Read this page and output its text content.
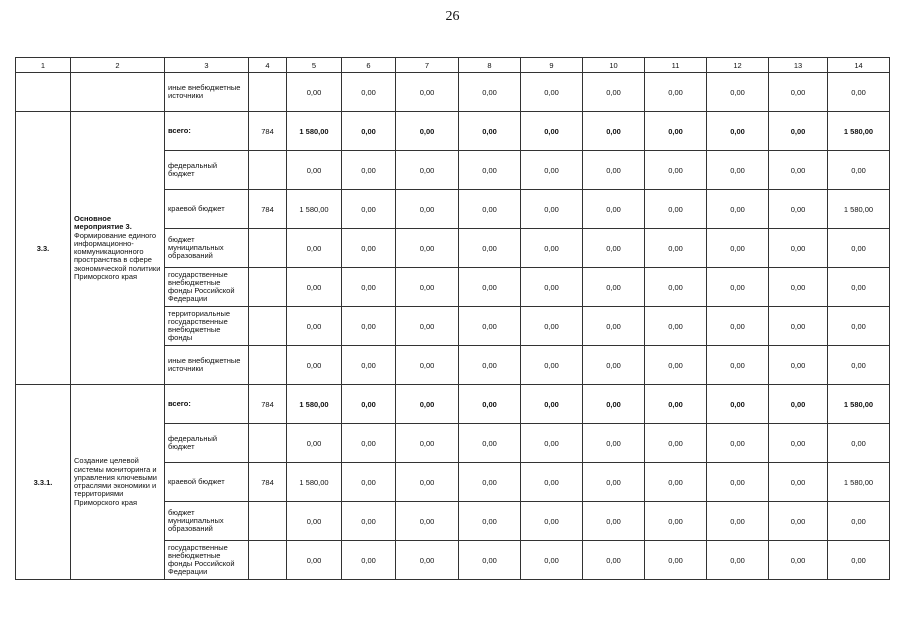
26
1	2	3	4	5	6	7	8	9	10	11	12	13	14
		иные внебюджетные источники		0,00	0,00	0,00	0,00	0,00	0,00	0,00	0,00	0,00	0,00
3.3.	Основное мероприятие 3. Формирование единого информационно-коммуникационного пространства в сфере экономической политики Приморского края	всего:	784	1 580,00	0,00	0,00	0,00	0,00	0,00	0,00	0,00	0,00	1 580,00
		федеральный бюджет		0,00	0,00	0,00	0,00	0,00	0,00	0,00	0,00	0,00	0,00
		краевой бюджет	784	1 580,00	0,00	0,00	0,00	0,00	0,00	0,00	0,00	0,00	1 580,00
		бюджет муниципальных образований		0,00	0,00	0,00	0,00	0,00	0,00	0,00	0,00	0,00	0,00
		государственные внебюджетные фонды Российской Федерации		0,00	0,00	0,00	0,00	0,00	0,00	0,00	0,00	0,00	0,00
		территориальные государственные внебюджетные фонды		0,00	0,00	0,00	0,00	0,00	0,00	0,00	0,00	0,00	0,00
		иные внебюджетные источники		0,00	0,00	0,00	0,00	0,00	0,00	0,00	0,00	0,00	0,00
3.3.1.	Создание целевой системы мониторинга и управления ключевыми отраслями экономики и территориями Приморского края	всего:	784	1 580,00	0,00	0,00	0,00	0,00	0,00	0,00	0,00	0,00	1 580,00
		федеральный бюджет		0,00	0,00	0,00	0,00	0,00	0,00	0,00	0,00	0,00	0,00
		краевой бюджет	784	1 580,00	0,00	0,00	0,00	0,00	0,00	0,00	0,00	0,00	1 580,00
		бюджет муниципальных образований		0,00	0,00	0,00	0,00	0,00	0,00	0,00	0,00	0,00	0,00
		государственные внебюджетные фонды Российской Федерации		0,00	0,00	0,00	0,00	0,00	0,00	0,00	0,00	0,00	0,00
